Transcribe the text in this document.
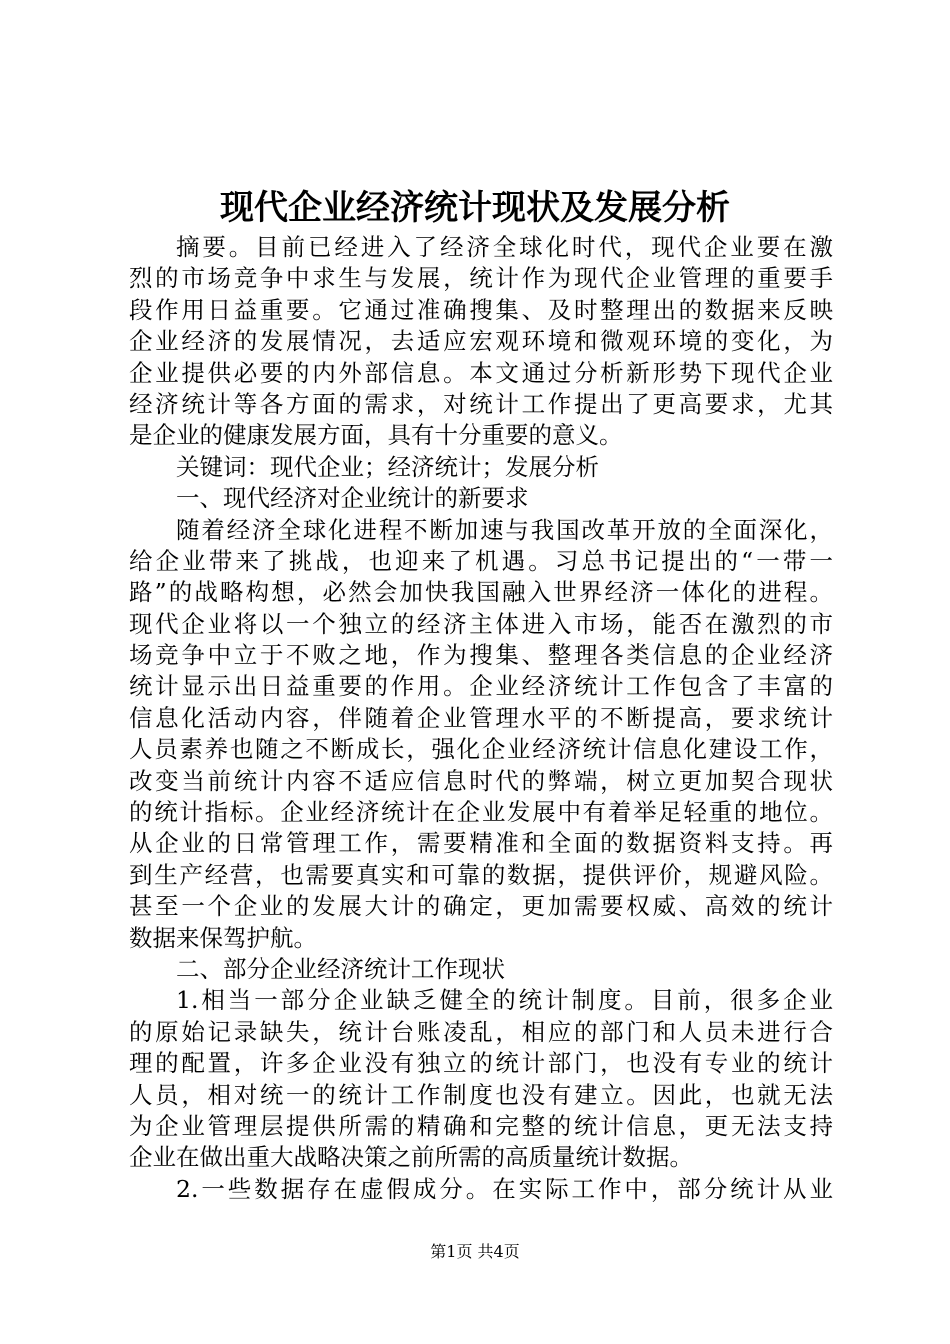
现代企业经济统计现状及发展分析
摘要。目前已经进入了经济全球化时代，现代企业要在激
烈的市场竞争中求生与发展，统计作为现代企业管理的重要手
段作用日益重要。它通过准确搜集、及时整理出的数据来反映
企业经济的发展情况，去适应宏观环境和微观环境的变化，为
企业提供必要的内外部信息。本文通过分析新形势下现代企业
经济统计等各方面的需求，对统计工作提出了更高要求，尤其
是企业的健康发展方面，具有十分重要的意义。
关键词：现代企业；经济统计；发展分析
一、现代经济对企业统计的新要求
随着经济全球化进程不断加速与我国改革开放的全面深化，
给企业带来了挑战，也迎来了机遇。习总书记提出的“一带一
路”的战略构想，必然会加快我国融入世界经济一体化的进程。
现代企业将以一个独立的经济主体进入市场，能否在激烈的市
场竞争中立于不败之地，作为搜集、整理各类信息的企业经济
统计显示出日益重要的作用。企业经济统计工作包含了丰富的
信息化活动内容，伴随着企业管理水平的不断提高，要求统计
人员素养也随之不断成长，强化企业经济统计信息化建设工作，
改变当前统计内容不适应信息时代的弊端，树立更加契合现状
的统计指标。企业经济统计在企业发展中有着举足轻重的地位。
从企业的日常管理工作，需要精准和全面的数据资料支持。再
到生产经营，也需要真实和可靠的数据，提供评价，规避风险。
甚至一个企业的发展大计的确定，更加需要权威、高效的统计
数据来保驾护航。
二、部分企业经济统计工作现状
1.相当一部分企业缺乏健全的统计制度。目前，很多企业
的原始记录缺失，统计台账凌乱，相应的部门和人员未进行合
理的配置，许多企业没有独立的统计部门，也没有专业的统计
人员，相对统一的统计工作制度也没有建立。因此，也就无法
为企业管理层提供所需的精确和完整的统计信息，更无法支持
企业在做出重大战略决策之前所需的高质量统计数据。
2.一些数据存在虚假成分。在实际工作中，部分统计从业
第1页 共4页
